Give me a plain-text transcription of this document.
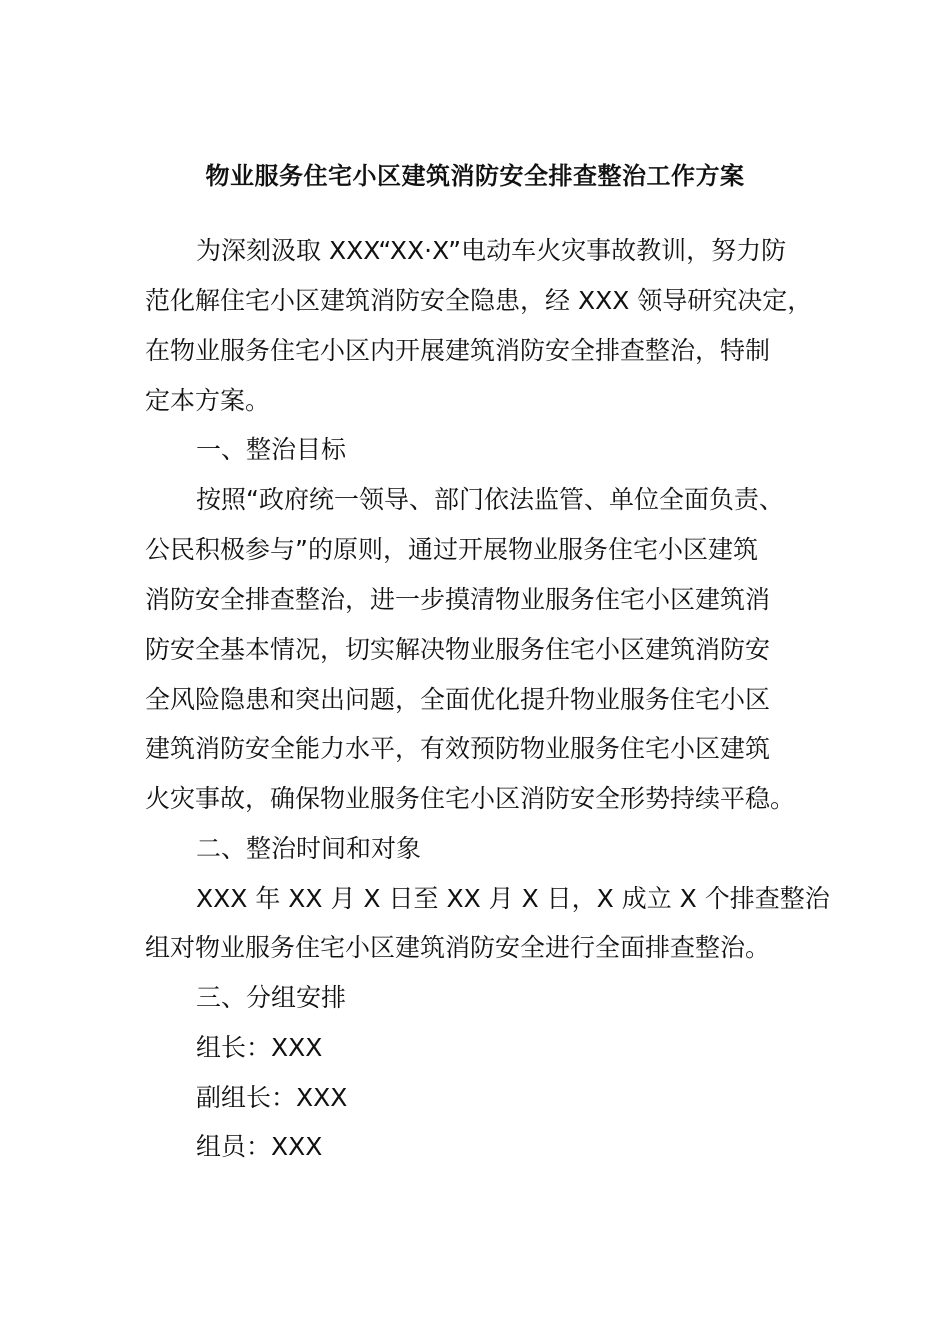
物业服务住宅小区建筑消防安全排查整治工作方案
为深刻汲取 XXX“XX·X”电动车火灾事故教训，努力防
范化解住宅小区建筑消防安全隐患，经 XXX 领导研究决定，
在物业服务住宅小区内开展建筑消防安全排查整治，特制
定本方案。
一、整治目标
按照“政府统一领导、部门依法监管、单位全面负责、
公民积极参与”的原则，通过开展物业服务住宅小区建筑
消防安全排查整治，进一步摸清物业服务住宅小区建筑消
防安全基本情况，切实解决物业服务住宅小区建筑消防安
全风险隐患和突出问题，全面优化提升物业服务住宅小区
建筑消防安全能力水平，有效预防物业服务住宅小区建筑
火灾事故，确保物业服务住宅小区消防安全形势持续平稳。
二、整治时间和对象
XXX 年 XX 月 X 日至 XX 月 X 日，X 成立 X 个排查整治
组对物业服务住宅小区建筑消防安全进行全面排查整治。
三、分组安排
组长：XXX
副组长：XXX
组员：XXX
